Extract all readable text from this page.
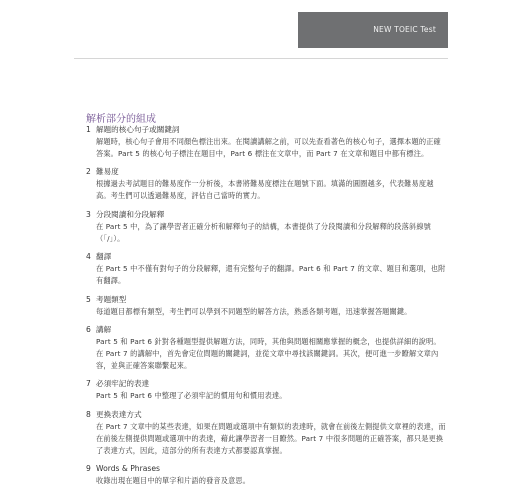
NEW TOEIC Test
解析部分的組成
1 解題的核心句子或關鍵詞
解題時，核心句子會用不同顏色標注出來。在閱讀講解之前，可以先查看著色的核心句子，選擇本題的正確答案。Part 5 的核心句子標注在題目中，Part 6 標注在文章中，而 Part 7 在文章和題目中都有標注。
2 難易度
根據過去考試題目的難易度作一分析後，本書將難易度標注在題號下面。填滿的圓圈越多，代表難易度越高。考生們可以透過難易度，評估自己當時的實力。
3 分段閱讀和分段解釋
在 Part 5 中，為了讓學習者正確分析和解釋句子的結構，本書提供了分段閱讀和分段解釋的段落斜線號（「/」）。
4 翻譯
在 Part 5 中不僅有對句子的分段解釋，還有完整句子的翻譯。Part 6 和 Part 7 的文章、題目和選項，也附有翻譯。
5 考題類型
每道題目都標有類型，考生們可以學到不同題型的解答方法，熟悉各類考題，迅速掌握答題關鍵。
6 講解
Part 5 和 Part 6 針對各種題型提供解題方法，同時，其他與問題相關應掌握的概念，也提供詳細的說明。在 Part 7 的講解中，首先會定位問題的關鍵詞，並從文章中尋找該關鍵詞。其次，便可進一步瞭解文章內容，並與正確答案聯繫起來。
7 必須牢記的表達
Part 5 和 Part 6 中整理了必須牢記的慣用句和慣用表達。
8 更換表達方式
在 Part 7 文章中的某些表達，如果在問題或選項中有類似的表達時，就會在前後左側提供文章裡的表達，而在前後左側提供問題或選項中的表達，藉此讓學習者一目瞭然。Part 7 中很多問題的正確答案，都只是更換了表達方式，因此，這部分的所有表達方式都要認真掌握。
9 Words & Phrases
收錄出現在題目中的單字和片語的發音及意思。
